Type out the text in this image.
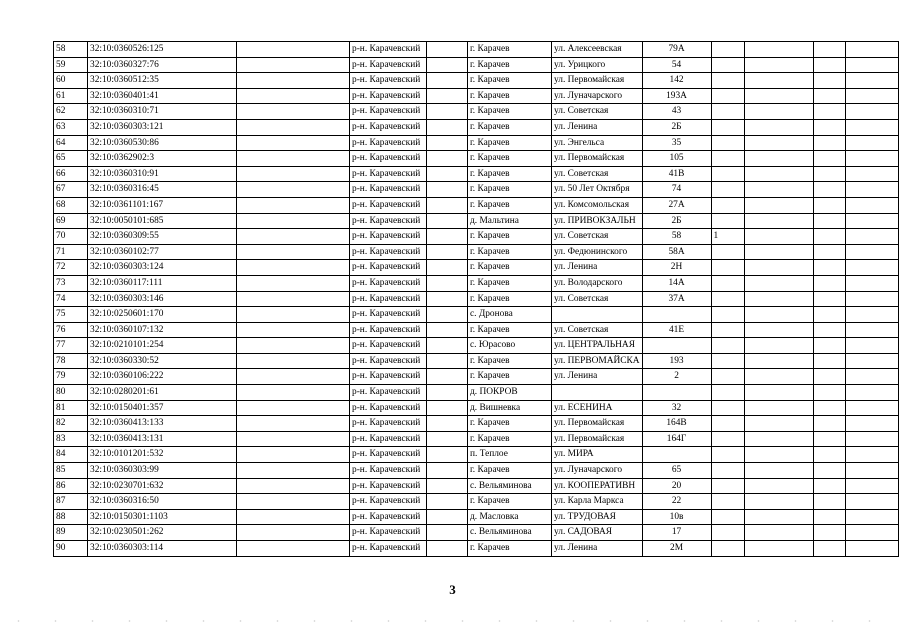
58	32:10:0360526:125		р-н. Карачевский		г. Карачев	ул. Алексеевская	79А				
59	32:10:0360327:76		р-н. Карачевский		г. Карачев	ул. Урицкого	54				
60	32:10:0360512:35		р-н. Карачевский		г. Карачев	ул. Первомайская	142				
61	32:10:0360401:41		р-н. Карачевский		г. Карачев	ул. Луначарского	193А				
62	32:10:0360310:71		р-н. Карачевский		г. Карачев	ул. Советская	43				
63	32:10:0360303:121		р-н. Карачевский		г. Карачев	ул. Ленина	2Б				
64	32:10:0360530:86		р-н. Карачевский		г. Карачев	ул. Энгельса	35				
65	32:10:0362902:3		р-н. Карачевский		г. Карачев	ул. Первомайская	105				
66	32:10:0360310:91		р-н. Карачевский		г. Карачев	ул. Советская	41В				
67	32:10:0360316:45		р-н. Карачевский		г. Карачев	ул. 50 Лет Октября	74				
68	32:10:0361101:167		р-н. Карачевский		г. Карачев	ул. Комсомольская	27А				
69	32:10:0050101:685		р-н. Карачевский		д. Мальтина	ул. ПРИВОКЗАЛЬН	2Б				
70	32:10:0360309:55		р-н. Карачевский		г. Карачев	ул. Советская	58	1			
71	32:10:0360102:77		р-н. Карачевский		г. Карачев	ул. Федюнинского	58А				
72	32:10:0360303:124		р-н. Карачевский		г. Карачев	ул. Ленина	2Н				
73	32:10:0360117:111		р-н. Карачевский		г. Карачев	ул. Володарского	14А				
74	32:10:0360303:146		р-н. Карачевский		г. Карачев	ул. Советская	37А				
75	32:10:0250601:170		р-н. Карачевский		с. Дронова						
76	32:10:0360107:132		р-н. Карачевский		г. Карачев	ул. Советская	41Е				
77	32:10:0210101:254		р-н. Карачевский		с. Юрасово	ул. ЦЕНТРАЛЬНАЯ					
78	32:10:0360330:52		р-н. Карачевский		г. Карачев	ул. ПЕРВОМАЙСКА	193				
79	32:10:0360106:222		р-н. Карачевский		г. Карачев	ул. Ленина	2				
80	32:10:0280201:61		р-н. Карачевский		д. ПОКРОВ						
81	32:10:0150401:357		р-н. Карачевский		д. Вишневка	ул. ЕСЕНИНА	32				
82	32:10:0360413:133		р-н. Карачевский		г. Карачев	ул. Первомайская	164В				
83	32:10:0360413:131		р-н. Карачевский		г. Карачев	ул. Первомайская	164Г				
84	32:10:0101201:532		р-н. Карачевский		п. Теплое	ул. МИРА					
85	32:10:0360303:99		р-н. Карачевский		г. Карачев	ул. Луначарского	65				
86	32:10:0230701:632		р-н. Карачевский		с. Вельяминова	ул. КООПЕРАТИВН	20				
87	32:10:0360316:50		р-н. Карачевский		г. Карачев	ул. Карла Маркса	22				
88	32:10:0150301:1103		р-н. Карачевский		д. Масловка	ул. ТРУДОВАЯ	10в				
89	32:10:0230501:262		р-н. Карачевский		с. Вельяминова	ул. САДОВАЯ	17				
90	32:10:0360303:114		р-н. Карачевский		г. Карачев	ул. Ленина	2М				
3
